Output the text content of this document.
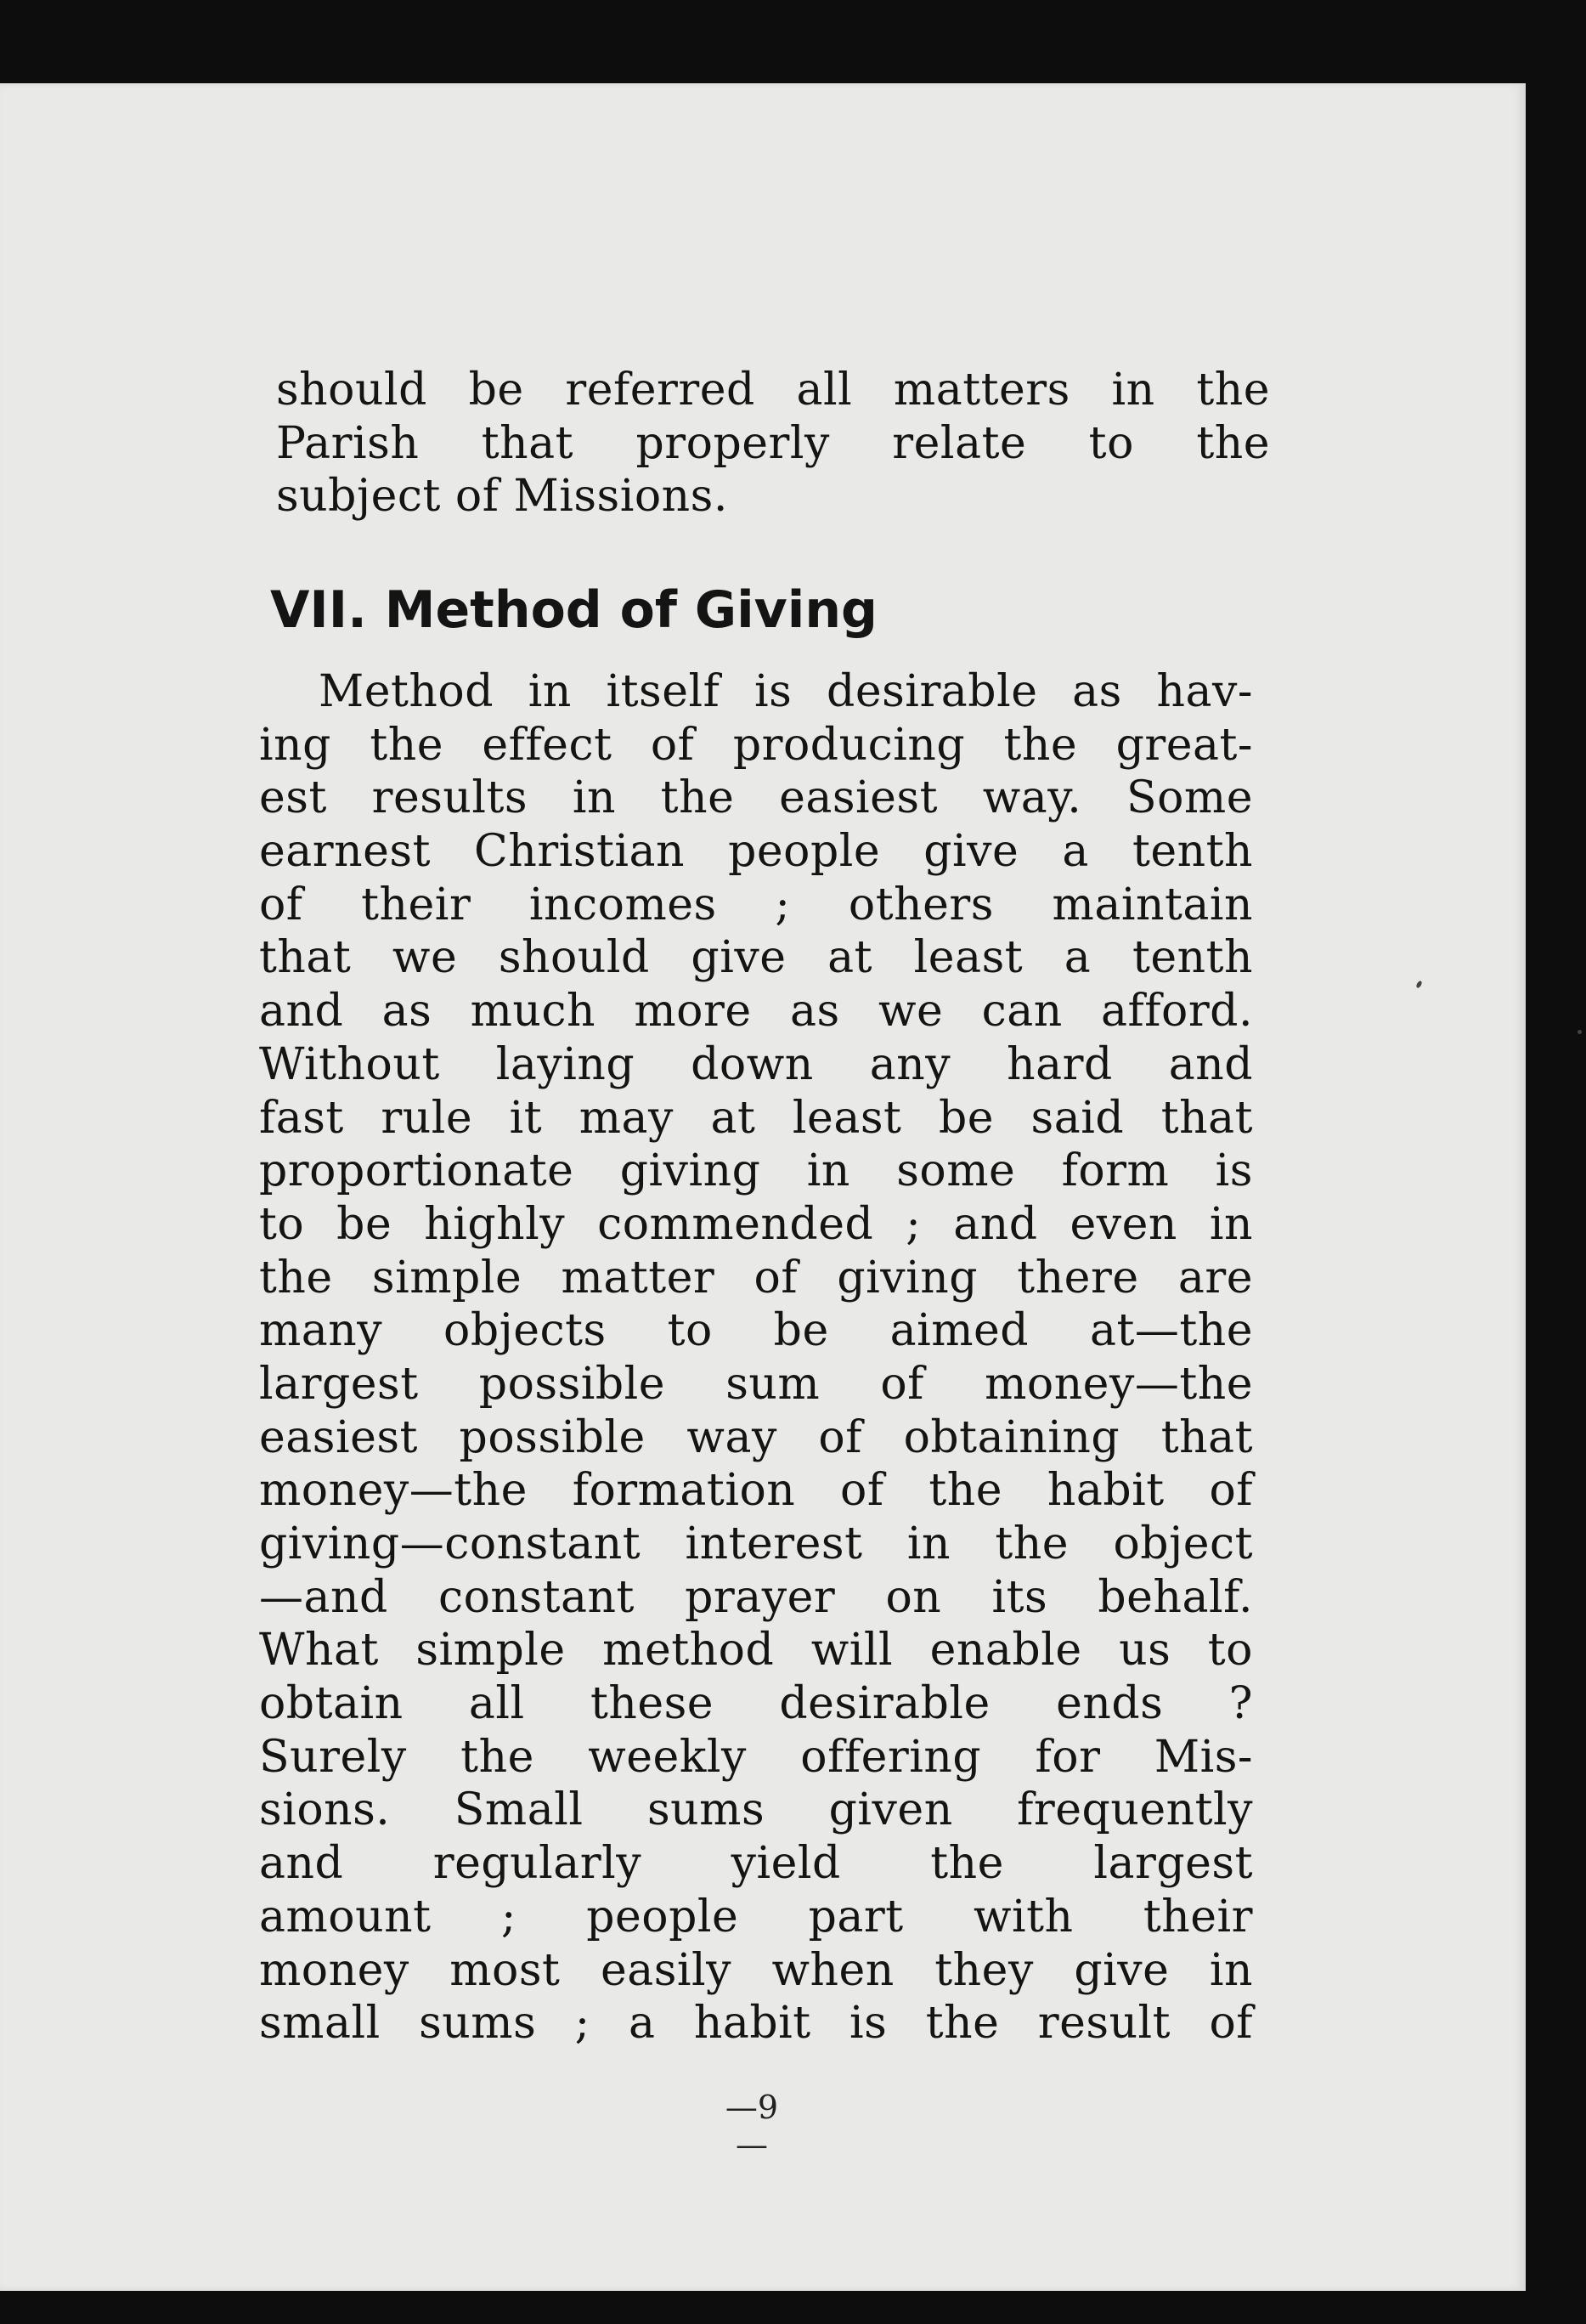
should be referred all matters in the
Parish that properly relate to the
subject of Missions.
VII. Method of Giving
Method in itself is desirable as hav-
ing the effect of producing the great-
est results in the easiest way. Some
earnest Christian people give a tenth
of their incomes ; others maintain
that we should give at least a tenth
and as much more as we can afford.
Without laying down any hard and
fast rule it may at least be said that
proportionate giving in some form is
to be highly commended ; and even in
the simple matter of giving there are
many objects to be aimed at—the
largest possible sum of money—the
easiest possible way of obtaining that
money—the formation of the habit of
giving—constant interest in the object
—and constant prayer on its behalf.
What simple method will enable us to
obtain all these desirable ends ?
Surely the weekly offering for Mis-
sions. Small sums given frequently
and regularly yield the largest
amount ; people part with their
money most easily when they give in
small sums ; a habit is the result of
—9—
